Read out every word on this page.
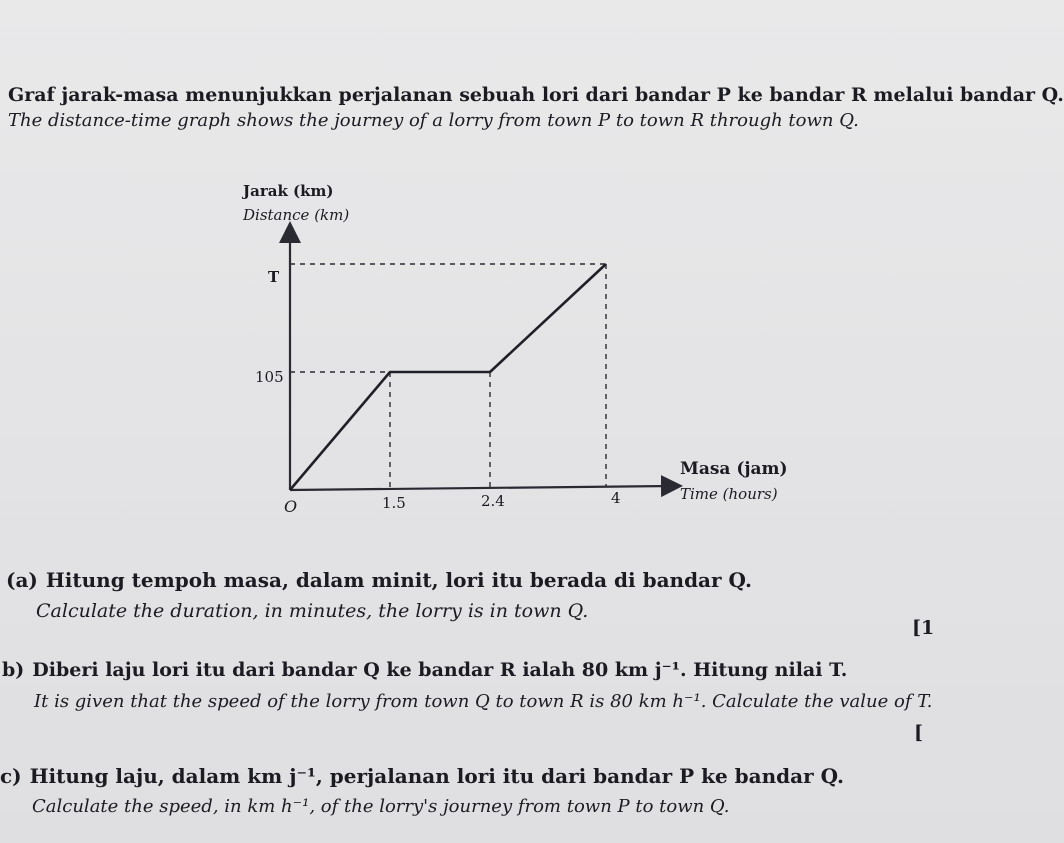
Graf jarak-masa menunjukkan perjalanan sebuah lori dari bandar P ke bandar R melalui bandar Q.
The distance-time graph shows the journey of a lorry from town P to town R through town Q.
Jarak (km)
Distance (km)
T
105
O	1.5	2.4	4
Masa (jam)
Time (hours)
(a) Hitung tempoh masa, dalam minit, lori itu berada di bandar Q.
Calculate the duration, in minutes, the lorry is in town Q.
[1
b) Diberi laju lori itu dari bandar Q ke bandar R ialah 80 km j⁻¹. Hitung nilai T.
It is given that the speed of the lorry from town Q to town R is 80 km h⁻¹. Calculate the value of T.
[
c) Hitung laju, dalam km j⁻¹, perjalanan lori itu dari bandar P ke bandar Q.
Calculate the speed, in km h⁻¹, of the lorry's journey from town P to town Q.
